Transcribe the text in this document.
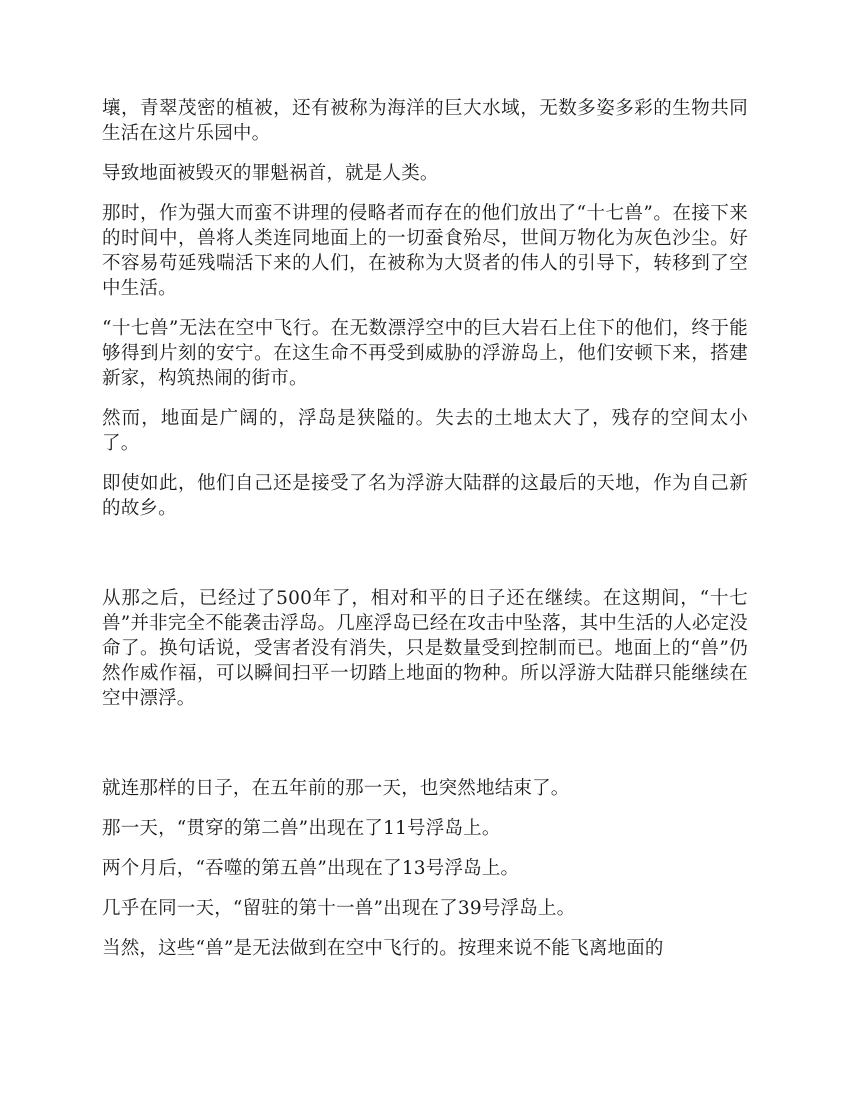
壤，青翠茂密的植被，还有被称为海洋的巨大水域，无数多姿多彩的生物共同生活在这片乐园中。

导致地面被毁灭的罪魁祸首，就是人类。

那时，作为强大而蛮不讲理的侵略者而存在的他们放出了“十七兽”。在接下来的时间中，兽将人类连同地面上的一切蚕食殆尽，世间万物化为灰色沙尘。好不容易苟延残喘活下来的人们，在被称为大贤者的伟人的引导下，转移到了空中生活。

“十七兽”无法在空中飞行。在无数漂浮空中的巨大岩石上住下的他们，终于能够得到片刻的安宁。在这生命不再受到威胁的浮游岛上，他们安顿下来，搭建新家，构筑热闹的街市。

然而，地面是广阔的，浮岛是狭隘的。失去的土地太大了，残存的空间太小了。

即使如此，他们自己还是接受了名为浮游大陆群的这最后的天地，作为自己新的故乡。

从那之后，已经过了500年了，相对和平的日子还在继续。在这期间，“十七兽”并非完全不能袭击浮岛。几座浮岛已经在攻击中坠落，其中生活的人必定没命了。换句话说，受害者没有消失，只是数量受到控制而已。地面上的“兽”仍然作威作福，可以瞬间扫平一切踏上地面的物种。所以浮游大陆群只能继续在空中漂浮。

就连那样的日子，在五年前的那一天，也突然地结束了。

那一天，“贯穿的第二兽”出现在了11号浮岛上。

两个月后，“吞噬的第五兽”出现在了13号浮岛上。

几乎在同一天，“留驻的第十一兽”出现在了39号浮岛上。

当然，这些“兽”是无法做到在空中飞行的。按理来说不能飞离地面的
